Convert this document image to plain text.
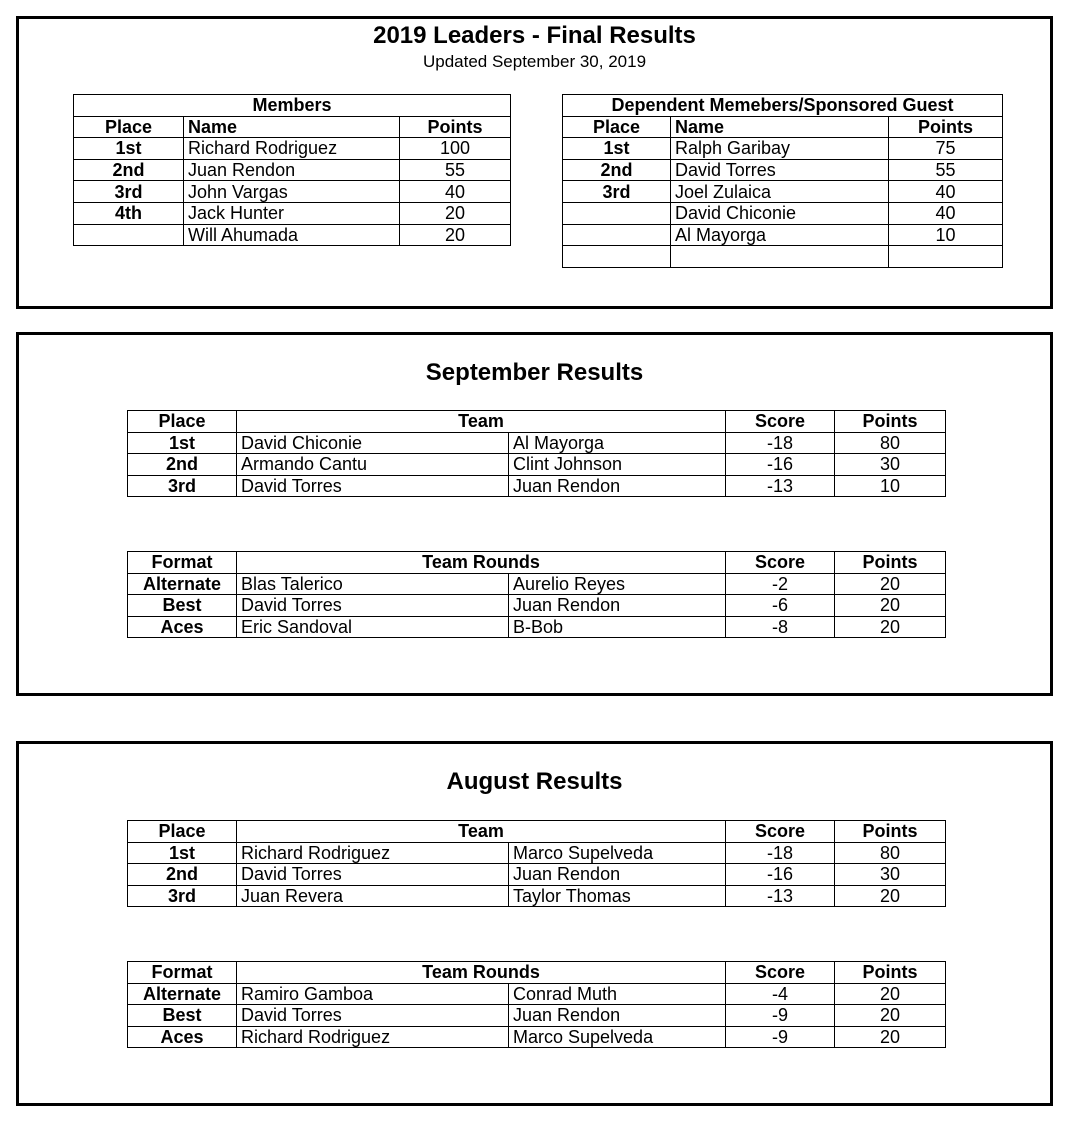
2019 Leaders - Final Results
Updated September 30, 2019
Members		
Place	Name	Points
1st	Richard Rodriguez	100
2nd	Juan Rendon	55
3rd	John Vargas	40
4th	Jack Hunter	20
	Will Ahumada	20
Dependent Memebers/Sponsored Guest		
Place	Name	Points
1st	Ralph Garibay	75
2nd	David Torres	55
3rd	Joel Zulaica	40
	David Chiconie	40
	Al Mayorga	10

September Results
Place	Team		Score	Points
1st	David Chiconie	Al Mayorga	-18	80
2nd	Armando Cantu	Clint Johnson	-16	30
3rd	David Torres	Juan Rendon	-13	10
Format	Team Rounds		Score	Points
Alternate	Blas Talerico	Aurelio Reyes	-2	20
Best	David Torres	Juan Rendon	-6	20
Aces	Eric Sandoval	B-Bob	-8	20
August Results
Place	Team		Score	Points
1st	Richard Rodriguez	Marco Supelveda	-18	80
2nd	David Torres	Juan Rendon	-16	30
3rd	Juan Revera	Taylor Thomas	-13	20
Format	Team Rounds		Score	Points
Alternate	Ramiro Gamboa	Conrad Muth	-4	20
Best	David Torres	Juan Rendon	-9	20
Aces	Richard Rodriguez	Marco Supelveda	-9	20
